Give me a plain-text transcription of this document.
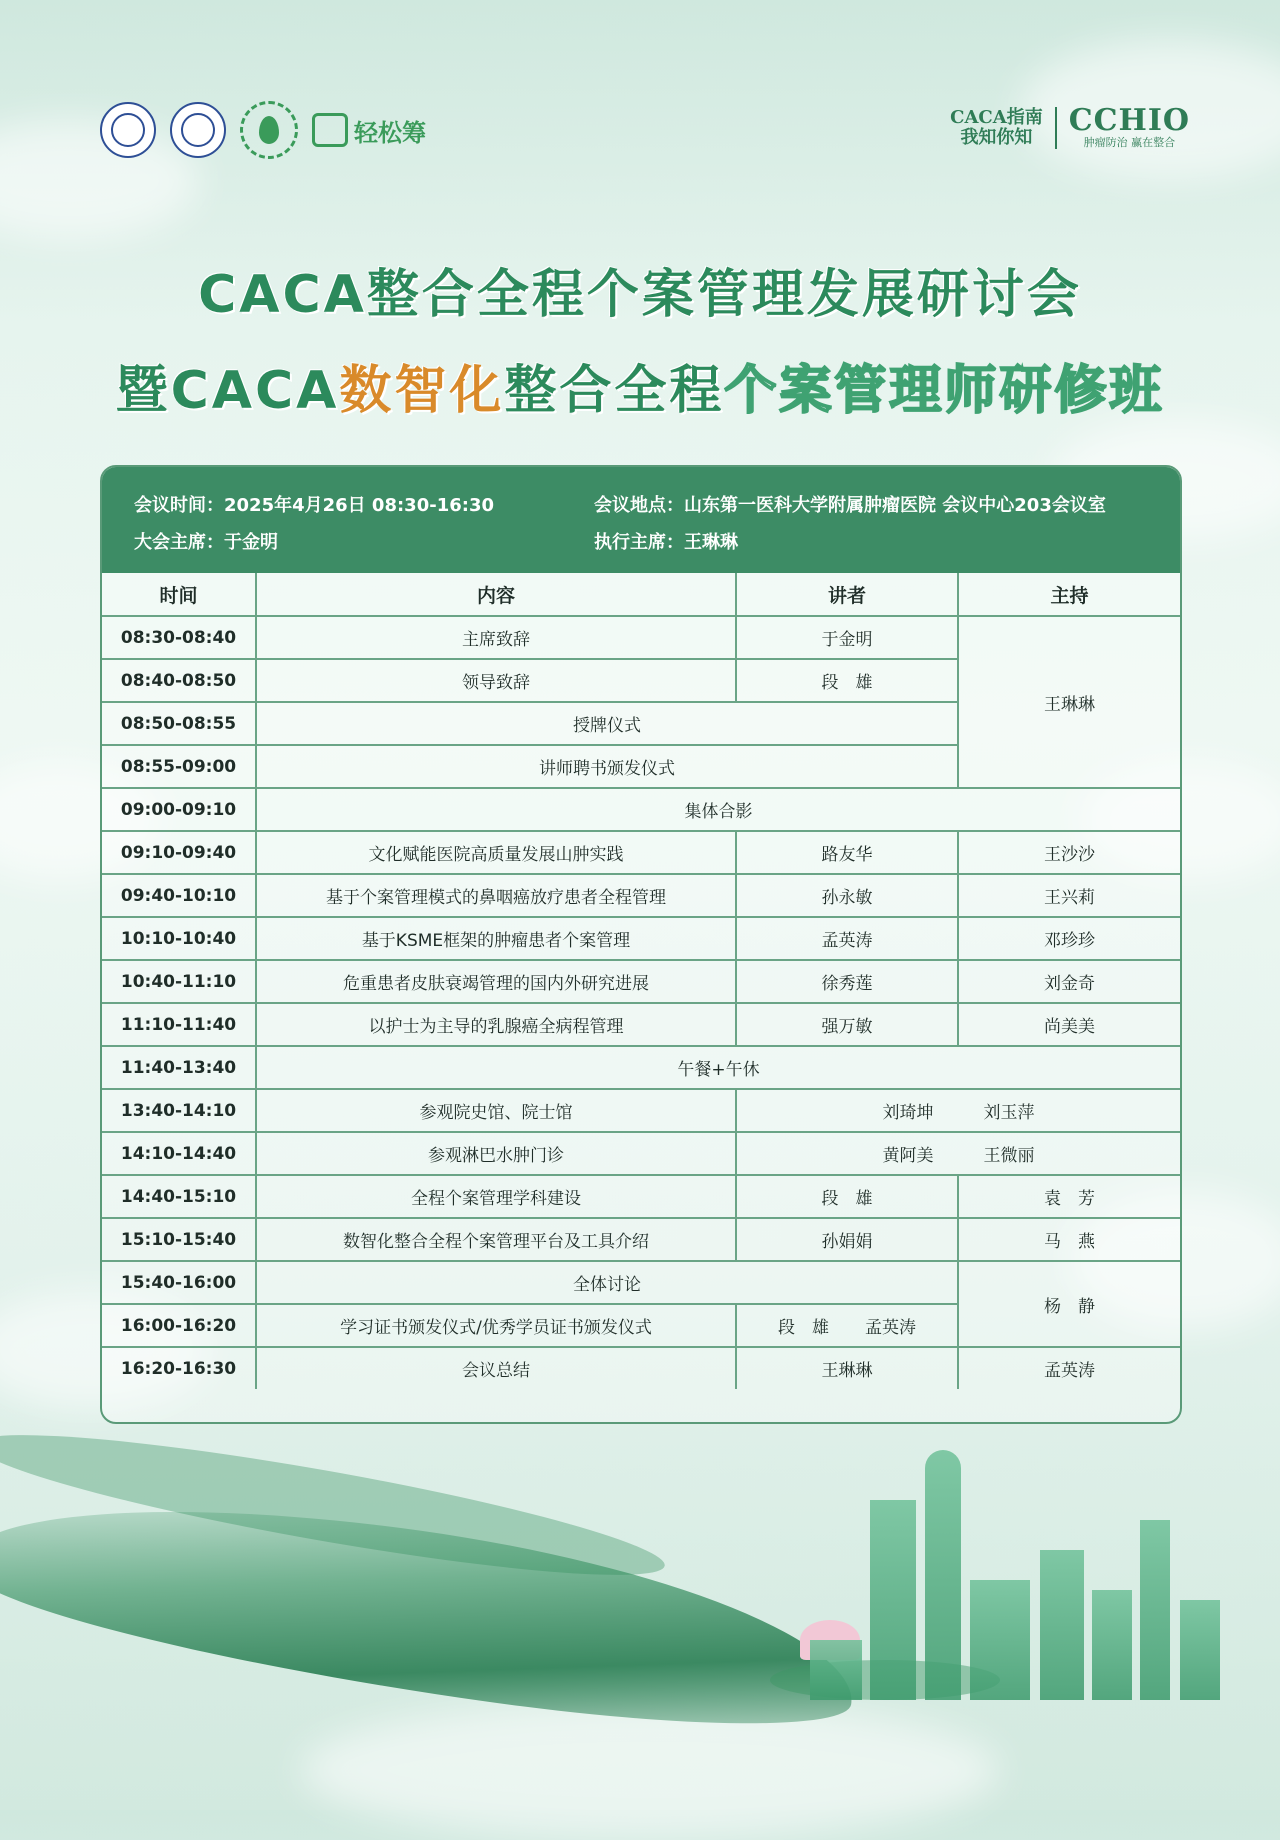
轻松筹
CACA指南
我知你知	CCHIO
肿瘤防治 赢在整合
CACA整合全程个案管理发展研讨会
暨CACA数智化整合全程个案管理师研修班
会议时间：2025年4月26日 08:30-16:30	会议地点：山东第一医科大学附属肿瘤医院 会议中心203会议室
大会主席：于金明	执行主席：王琳琳
时间	内容	讲者	主持
08:30-08:40	主席致辞	于金明	王琳琳
08:40-08:50	领导致辞	段　雄	
08:50-08:55	授牌仪式		
08:55-09:00	讲师聘书颁发仪式		
09:00-09:10	集体合影		
09:10-09:40	文化赋能医院高质量发展山肿实践	路友华	王沙沙
09:40-10:10	基于个案管理模式的鼻咽癌放疗患者全程管理	孙永敏	王兴莉
10:10-10:40	基于KSME框架的肿瘤患者个案管理	孟英涛	邓珍珍
10:40-11:10	危重患者皮肤衰竭管理的国内外研究进展	徐秀莲	刘金奇
11:10-11:40	以护士为主导的乳腺癌全病程管理	强万敏	尚美美
11:40-13:40	午餐+午休		
13:40-14:10	参观院史馆、院士馆	刘琦坤 刘玉萍	
14:10-14:40	参观淋巴水肿门诊	黄阿美 王微丽	
14:40-15:10	全程个案管理学科建设	段　雄	袁　芳
15:10-15:40	数智化整合全程个案管理平台及工具介绍	孙娟娟	马　燕
15:40-16:00	全体讨论		杨　静
16:00-16:20	学习证书颁发仪式/优秀学员证书颁发仪式	段　雄 孟英涛	
16:20-16:30	会议总结	王琳琳	孟英涛
